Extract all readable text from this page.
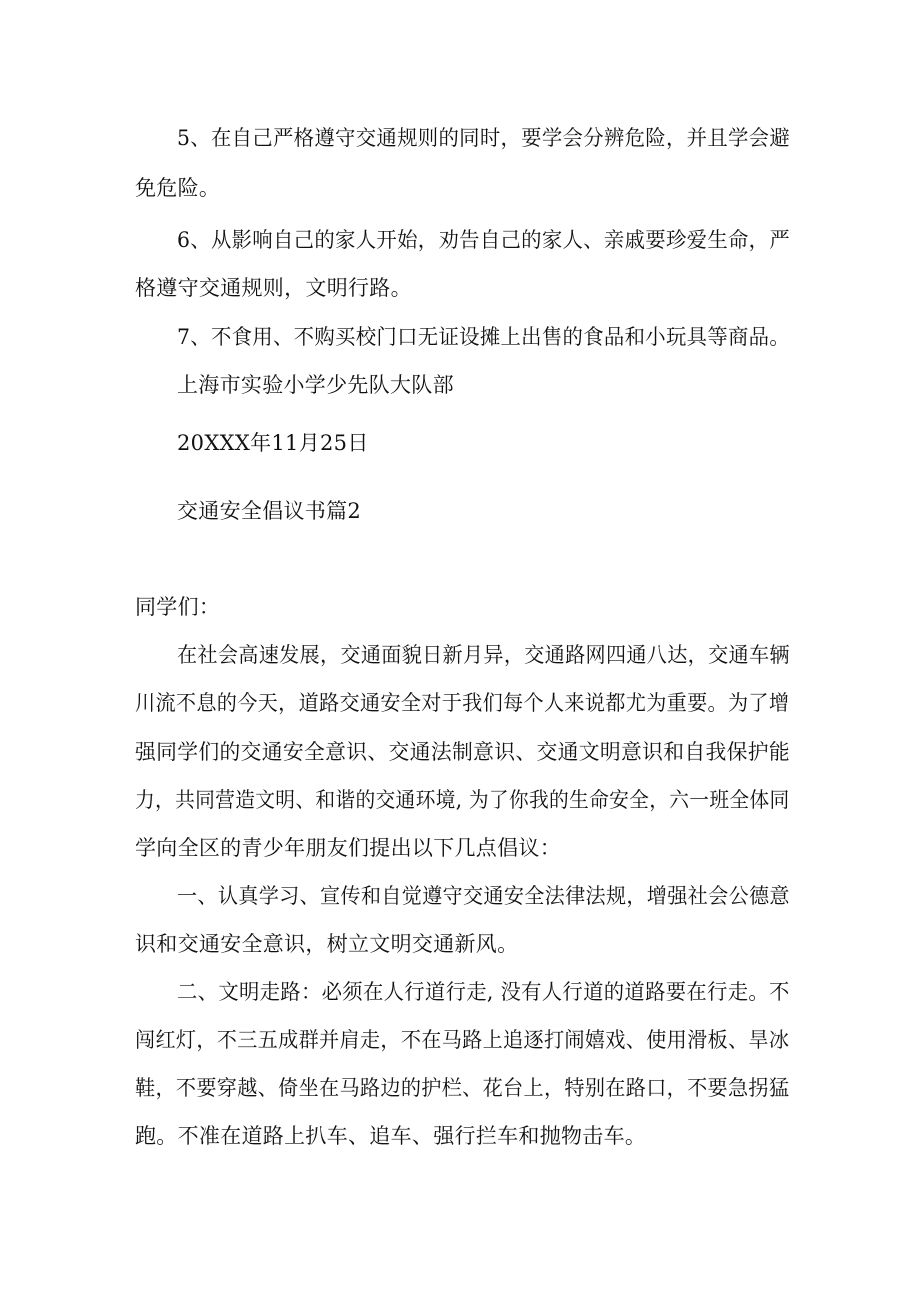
5、在自己严格遵守交通规则的同时，要学会分辨危险，并且学会避
免危险。
6、从影响自己的家人开始，劝告自己的家人、亲戚要珍爱生命，严
格遵守交通规则，文明行路。
7、不食用、不购买校门口无证设摊上出售的食品和小玩具等商品。
上海市实验小学少先队大队部
20XXX年11月25日
交通安全倡议书篇2
同学们：
在社会高速发展，交通面貌日新月异，交通路网四通八达，交通车辆
川流不息的今天，道路交通安全对于我们每个人来说都尤为重要。为了增
强同学们的交通安全意识、交通法制意识、交通文明意识和自我保护能
力，共同营造文明、和谐的交通环境, 为了你我的生命安全，六一班全体同
学向全区的青少年朋友们提出以下几点倡议：
一、认真学习、宣传和自觉遵守交通安全法律法规，增强社会公德意
识和交通安全意识，树立文明交通新风。
二、文明走路：必须在人行道行走, 没有人行道的道路要在行走。不
闯红灯，不三五成群并肩走，不在马路上追逐打闹嬉戏、使用滑板、旱冰
鞋，不要穿越、倚坐在马路边的护栏、花台上，特别在路口，不要急拐猛
跑。不准在道路上扒车、追车、强行拦车和抛物击车。
